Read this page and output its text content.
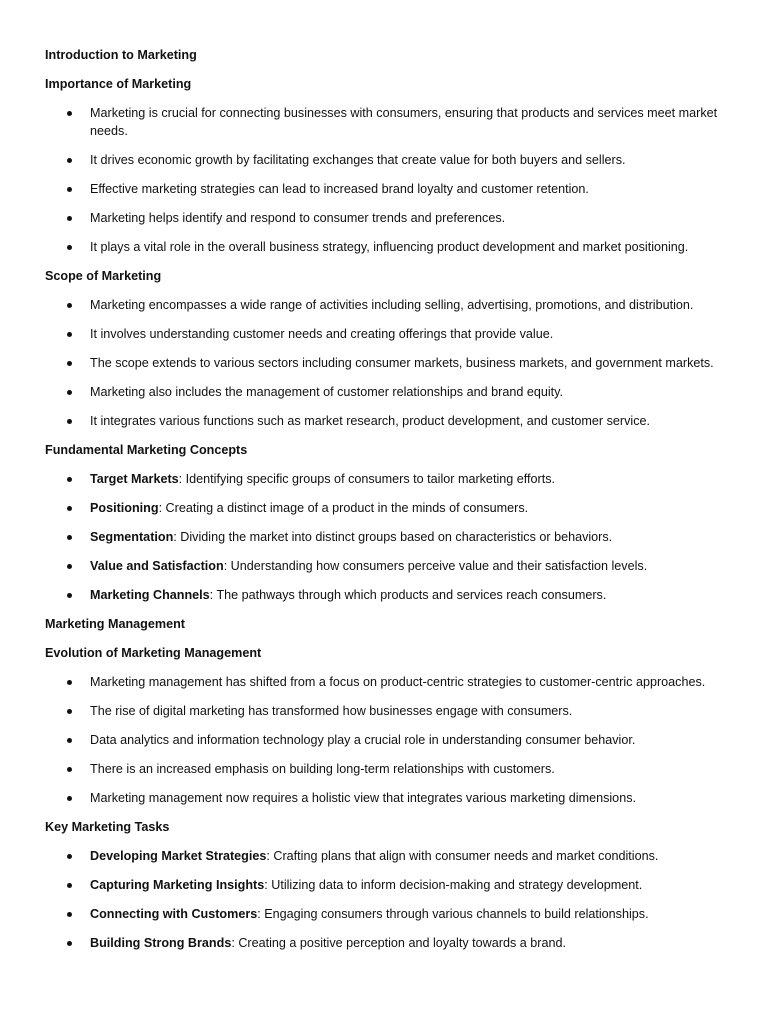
Introduction to Marketing
Importance of Marketing
Marketing is crucial for connecting businesses with consumers, ensuring that products and services meet market needs.
It drives economic growth by facilitating exchanges that create value for both buyers and sellers.
Effective marketing strategies can lead to increased brand loyalty and customer retention.
Marketing helps identify and respond to consumer trends and preferences.
It plays a vital role in the overall business strategy, influencing product development and market positioning.
Scope of Marketing
Marketing encompasses a wide range of activities including selling, advertising, promotions, and distribution.
It involves understanding customer needs and creating offerings that provide value.
The scope extends to various sectors including consumer markets, business markets, and government markets.
Marketing also includes the management of customer relationships and brand equity.
It integrates various functions such as market research, product development, and customer service.
Fundamental Marketing Concepts
Target Markets: Identifying specific groups of consumers to tailor marketing efforts.
Positioning: Creating a distinct image of a product in the minds of consumers.
Segmentation: Dividing the market into distinct groups based on characteristics or behaviors.
Value and Satisfaction: Understanding how consumers perceive value and their satisfaction levels.
Marketing Channels: The pathways through which products and services reach consumers.
Marketing Management
Evolution of Marketing Management
Marketing management has shifted from a focus on product-centric strategies to customer-centric approaches.
The rise of digital marketing has transformed how businesses engage with consumers.
Data analytics and information technology play a crucial role in understanding consumer behavior.
There is an increased emphasis on building long-term relationships with customers.
Marketing management now requires a holistic view that integrates various marketing dimensions.
Key Marketing Tasks
Developing Market Strategies: Crafting plans that align with consumer needs and market conditions.
Capturing Marketing Insights: Utilizing data to inform decision-making and strategy development.
Connecting with Customers: Engaging consumers through various channels to build relationships.
Building Strong Brands: Creating a positive perception and loyalty towards a brand.
